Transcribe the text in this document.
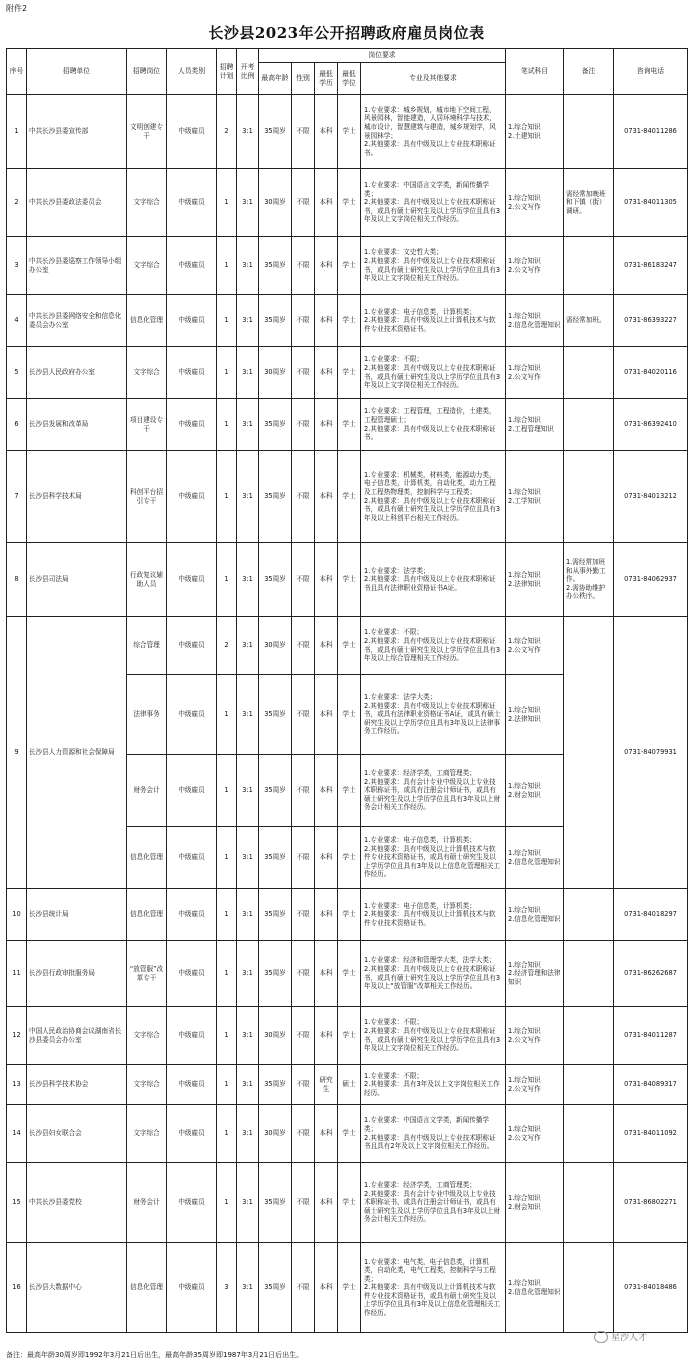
附件2
长沙县2023年公开招聘政府雇员岗位表
序号	招聘单位	招聘岗位	人员类别	招聘计划	开考比例	岗位要求					笔试科目	备注	咨询电话
						最高年龄	性别	最低学历	最低学位	专业及其他要求			
1	中共长沙县委宣传部	文明创建专干	中级雇员	2	3:1	35周岁	不限	本科	学士	1.专业要求：城乡规划，城市地下空间工程，风景园林，智能建造，人居环境科学与技术，城市设计，智慧建筑与建造，城乡规划学，风景园林学；
2.其他要求：具有中级及以上专业技术职称证书。	1.综合知识
2.土建知识		0731-84011286
2	中共长沙县委政法委员会	文字综合	中级雇员	1	3:1	30周岁	不限	本科	学士	1.专业要求：中国语言文学类，新闻传播学类；
2.其他要求：具有中级及以上专业技术职称证书，或具有硕士研究生及以上学历学位且具有3年及以上文字岗位相关工作经历。	1.综合知识
2.公文写作	需经常加晚班和下镇（街）调研。	0731-84011305
3	中共长沙县委巡察工作领导小组办公室	文字综合	中级雇员	1	3:1	35周岁	不限	本科	学士	1.专业要求：文史哲大类；
2.其他要求：具有中级及以上专业技术职称证书，或具有硕士研究生及以上学历学位且具有3年及以上文字岗位相关工作经历。	1.综合知识
2.公文写作		0731-86183247
4	中共长沙县委网络安全和信息化委员会办公室	信息化管理	中级雇员	1	3:1	35周岁	不限	本科	学士	1.专业要求：电子信息类，计算机类；
2.其他要求：具有中级及以上计算机技术与软件专业技术资格证书。	1.综合知识
2.信息化管理知识	需经常加班。	0731-86393227
5	长沙县人民政府办公室	文字综合	中级雇员	1	3:1	30周岁	不限	本科	学士	1.专业要求：不限；
2.其他要求：具有中级及以上专业技术职称证书，或具有硕士研究生及以上学历学位且具有3年及以上文字岗位相关工作经历。	1.综合知识
2.公文写作		0731-84020116
6	长沙县发展和改革局	项目建设专干	中级雇员	1	3:1	35周岁	不限	本科	学士	1.专业要求：工程管理，工程造价，土建类，工程管理硕士；
2.其他要求：具有中级及以上专业技术职称证书。	1.综合知识
2.工程管理知识		0731-86392410
7	长沙县科学技术局	科创平台招引专干	中级雇员	1	3:1	35周岁	不限	本科	学士	1.专业要求：机械类，材料类，能源动力类，电子信息类，计算机类，自动化类，动力工程及工程热物理类，控制科学与工程类；
2.其他要求：具有中级及以上专业技术职称证书，或具有硕士研究生及以上学历学位且具有3年及以上科创平台相关工作经历。	1.综合知识
2.工学知识		0731-84013212
8	长沙县司法局	行政复议辅助人员	中级雇员	1	3:1	35周岁	不限	本科	学士	1.专业要求：法学类；
2.其他要求：具有中级及以上专业技术职称证书且具有法律职业资格证书A证。	1.综合知识
2.法律知识	1.需经常加班和从事外勤工作。
2.需协助维护办公秩序。	0731-84062937
9	长沙县人力资源和社会保障局	综合管理	中级雇员	2	3:1	30周岁	不限	本科	学士	1.专业要求：不限；
2.其他要求：具有中级及以上专业技术职称证书，或具有硕士研究生及以上学历学位且具有3年及以上综合管理相关工作经历。	1.综合知识
2.公文写作		0731-84079931
		法律事务	中级雇员	1	3:1	35周岁	不限	本科	学士	1.专业要求：法学大类；
2.其他要求：具有中级及以上专业技术职称证书，或具有法律职业资格证书A证，或具有硕士研究生及以上学历学位且具有3年及以上法律事务工作经历。	1.综合知识
2.法律知识		
		财务会计	中级雇员	1	3:1	35周岁	不限	本科	学士	1.专业要求：经济学类，工商管理类；
2.其他要求：具有会计专业中级及以上专业技术职称证书，或具有注册会计师证书，或具有硕士研究生及以上学历学位且具有3年及以上财务会计相关工作经历。	1.综合知识
2.财会知识		
		信息化管理	中级雇员	1	3:1	35周岁	不限	本科	学士	1.专业要求：电子信息类，计算机类；
2.其他要求：具有中级及以上计算机技术与软件专业技术资格证书，或具有硕士研究生及以上学历学位且具有3年及以上信息化管理相关工作经历。	1.综合知识
2.信息化管理知识		
10	长沙县统计局	信息化管理	中级雇员	1	3:1	35周岁	不限	本科	学士	1.专业要求：电子信息类，计算机类；
2.其他要求：具有中级及以上计算机技术与软件专业技术资格证书。	1.综合知识
2.信息化管理知识		0731-84018297
11	长沙县行政审批服务局	“放管服”改革专干	中级雇员	1	3:1	35周岁	不限	本科	学士	1.专业要求：经济和管理学大类，法学大类；
2.其他要求：具有中级及以上专业技术职称证书，或具有硕士研究生及以上学历学位且具有3年及以上“放管服”改革相关工作经历。	1.综合知识
2.经济管理和法律知识		0731-86262687
12	中国人民政治协商会议湖南省长沙县委员会办公室	文字综合	中级雇员	1	3:1	30周岁	不限	本科	学士	1.专业要求：不限；
2.其他要求：具有中级及以上专业技术职称证书，或具有硕士研究生及以上学历学位且具有3年及以上文字岗位相关工作经历。	1.综合知识
2.公文写作		0731-84011287
13	长沙县科学技术协会	文字综合	中级雇员	1	3:1	35周岁	不限	研究生	硕士	1.专业要求：不限；
2.其他要求：具有3年及以上文字岗位相关工作经历。	1.综合知识
2.公文写作		0731-84089317
14	长沙县妇女联合会	文字综合	中级雇员	1	3:1	30周岁	不限	本科	学士	1.专业要求：中国语言文学类，新闻传播学类；
2.其他要求：具有中级及以上专业技术职称证书且具有2年及以上文字岗位相关工作经历。	1.综合知识
2.公文写作		0731-84011092
15	中共长沙县委党校	财务会计	中级雇员	1	3:1	35周岁	不限	本科	学士	1.专业要求：经济学类，工商管理类；
2.其他要求：具有会计专业中级及以上专业技术职称证书，或具有注册会计师证书，或具有硕士研究生及以上学历学位且具有3年及以上财务会计相关工作经历。	1.综合知识
2.财会知识		0731-86802271
16	长沙县大数据中心	信息化管理	中级雇员	3	3:1	35周岁	不限	本科	学士	1.专业要求：电气类，电子信息类，计算机类，自动化类，电气工程类，控制科学与工程类；
2.其他要求：具有中级及以上计算机技术与软件专业技术资格证书，或具有硕士研究生及以上学历学位且具有3年及以上信息化管理相关工作经历。	1.综合知识
2.信息化管理知识		0731-84018486
星沙人才
备注：最高年龄30周岁即1992年3月21日后出生，最高年龄35周岁即1987年3月21日后出生。
